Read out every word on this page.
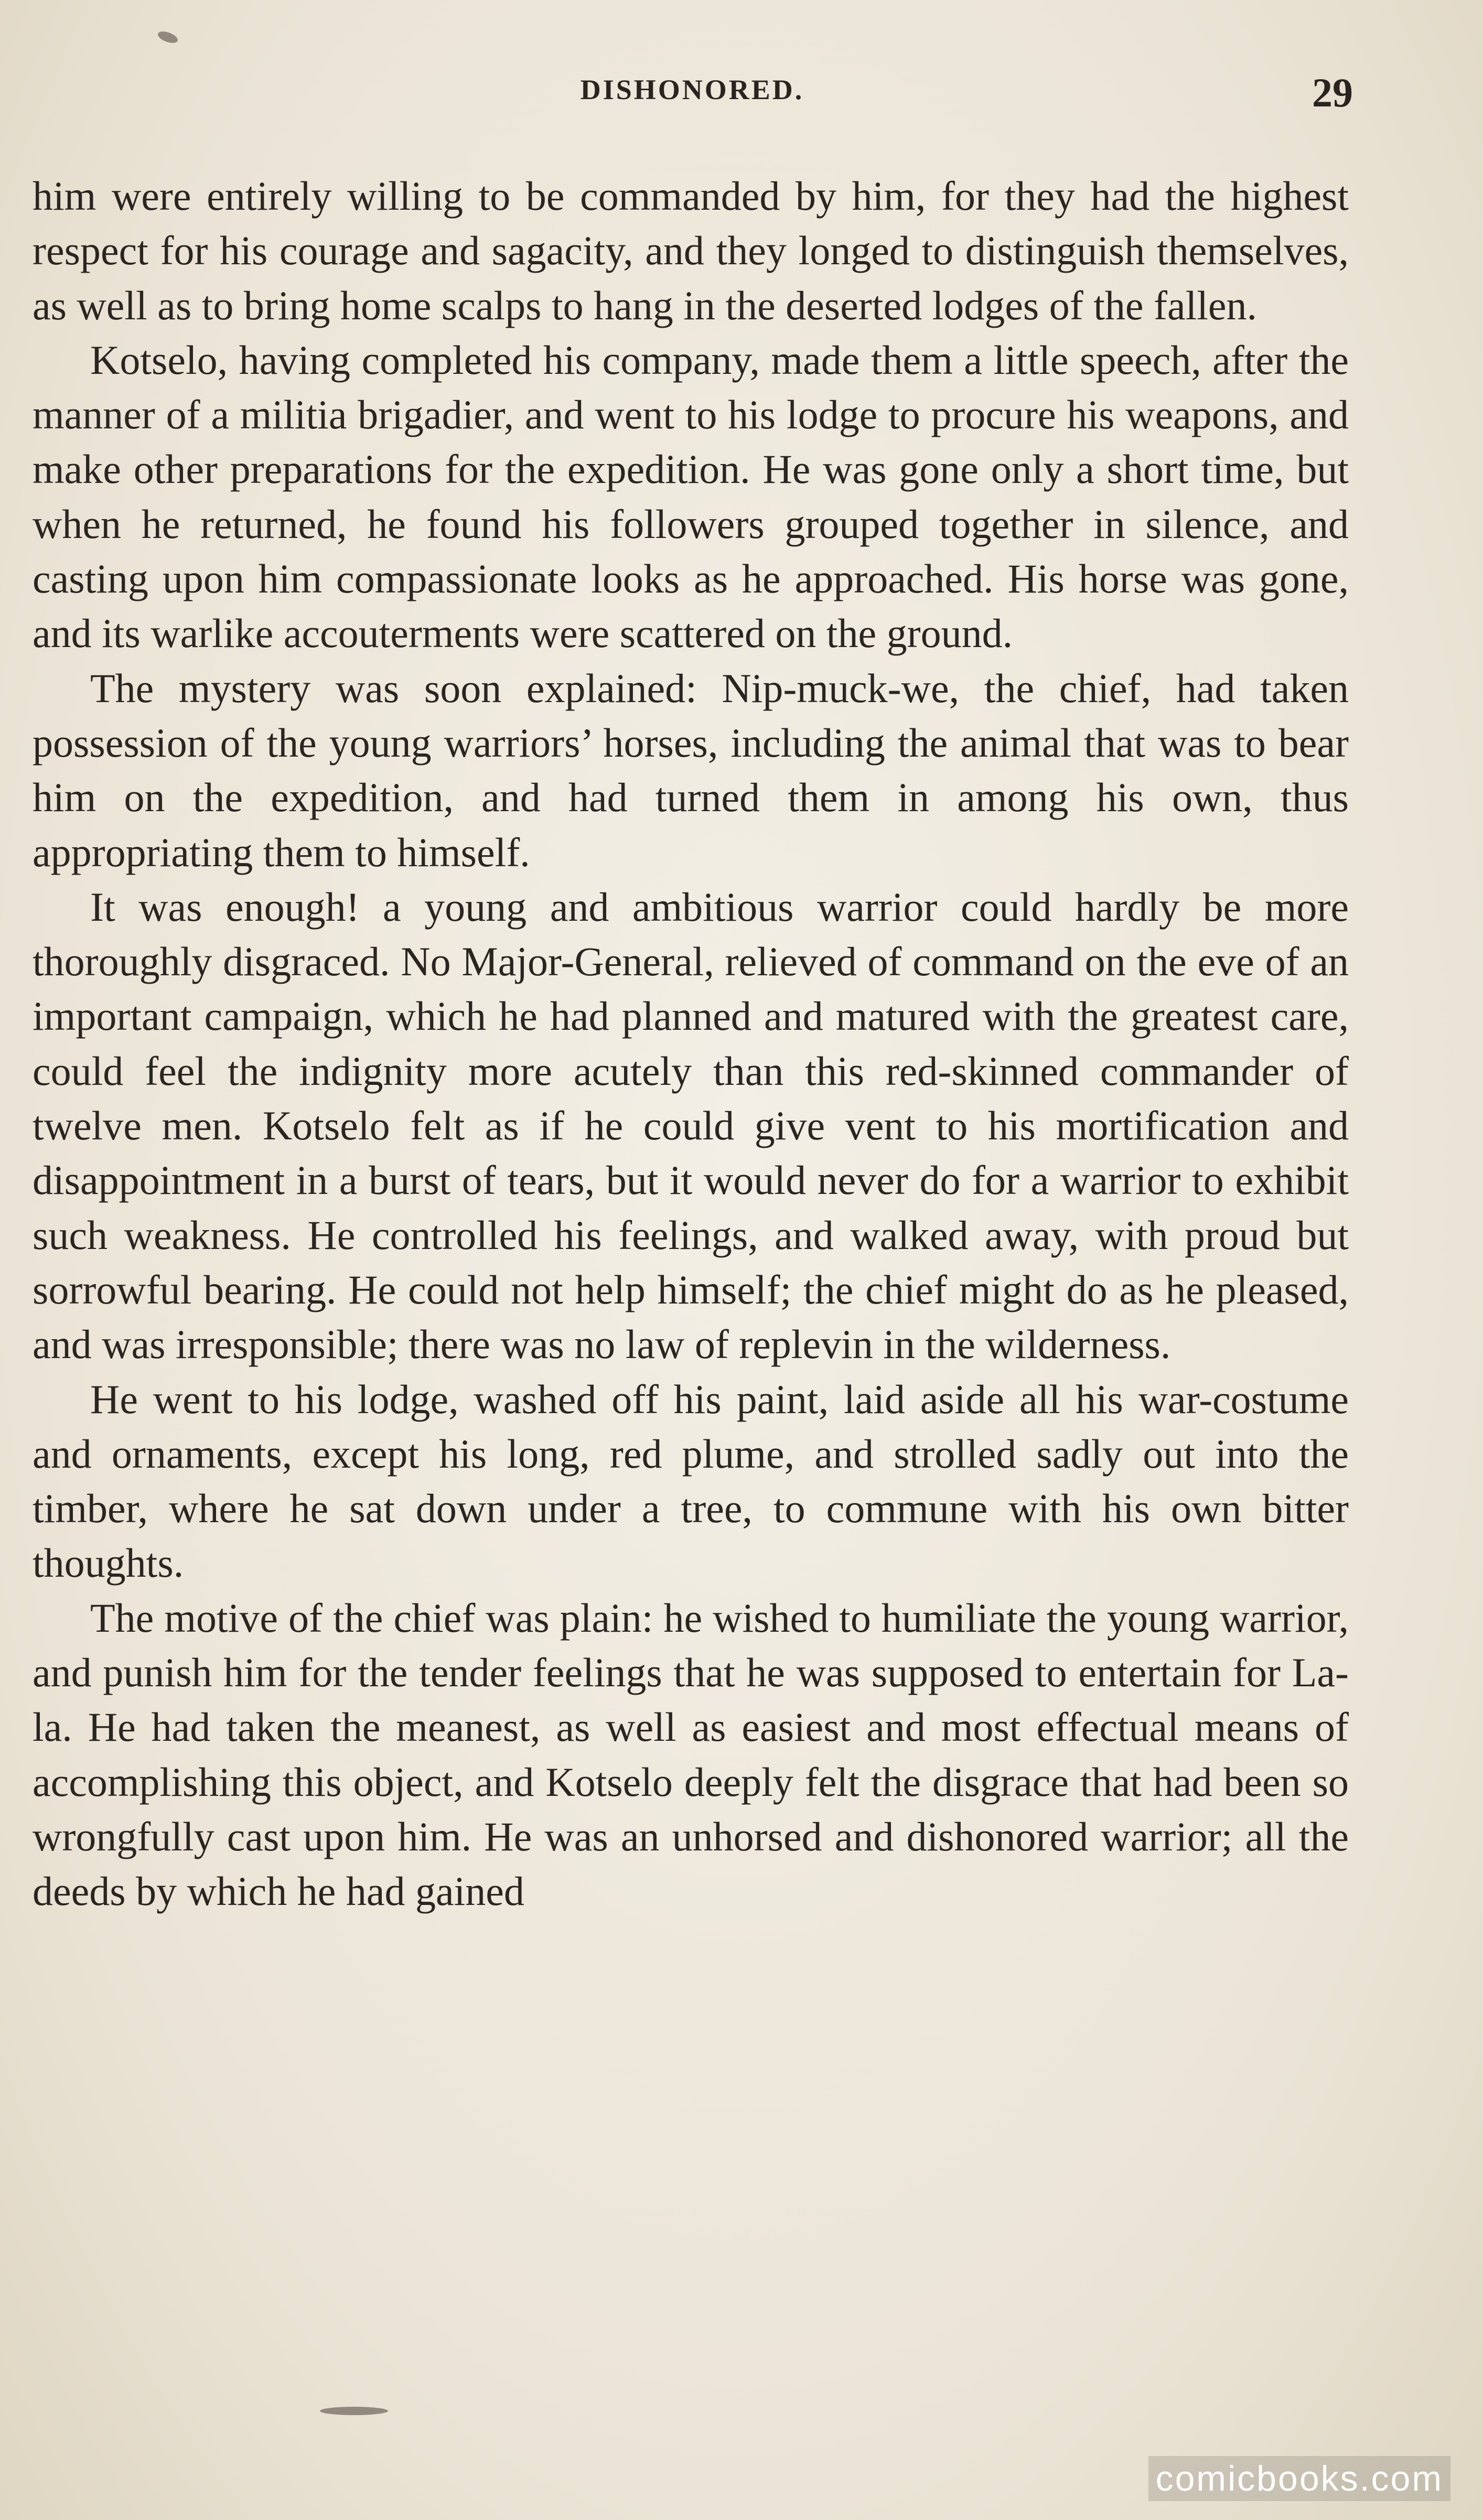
DISHONORED.	29

him were entirely willing to be commanded by him, for they had the highest respect for his courage and sagacity, and they longed to distinguish themselves, as well as to bring home scalps to hang in the deserted lodges of the fallen.

Kotselo, having completed his company, made them a little speech, after the manner of a militia brigadier, and went to his lodge to procure his weapons, and make other preparations for the expedition. He was gone only a short time, but when he returned, he found his followers grouped together in silence, and casting upon him compassionate looks as he approached. His horse was gone, and its warlike accouterments were scattered on the ground.

The mystery was soon explained: Nip-muck-we, the chief, had taken possession of the young warriors’ horses, including the animal that was to bear him on the expedition, and had turned them in among his own, thus appropriating them to himself.

It was enough! a young and ambitious warrior could hardly be more thoroughly disgraced. No Major-General, relieved of command on the eve of an important campaign, which he had planned and matured with the greatest care, could feel the indignity more acutely than this red-skinned commander of twelve men. Kotselo felt as if he could give vent to his mortification and disappointment in a burst of tears, but it would never do for a warrior to exhibit such weakness. He controlled his feelings, and walked away, with proud but sorrowful bearing. He could not help himself; the chief might do as he pleased, and was irresponsible; there was no law of replevin in the wilderness.

He went to his lodge, washed off his paint, laid aside all his war-costume and ornaments, except his long, red plume, and strolled sadly out into the timber, where he sat down under a tree, to commune with his own bitter thoughts.

The motive of the chief was plain: he wished to humiliate the young warrior, and punish him for the tender feelings that he was supposed to entertain for La-la. He had taken the meanest, as well as easiest and most effectual means of accomplishing this object, and Kotselo deeply felt the disgrace that had been so wrongfully cast upon him. He was an unhorsed and dishonored warrior; all the deeds by which he had gained

comicbooks.com
